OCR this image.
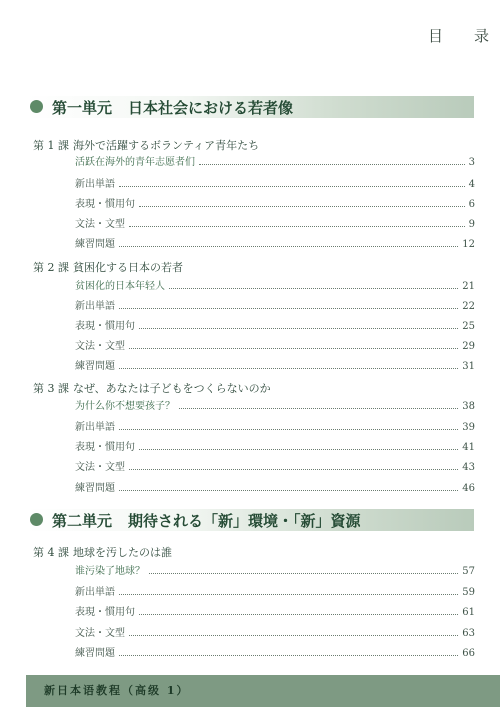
目　录
第一単元 日本社会における若者像
第 1 課 海外で活躍するボランティア青年たち
活跃在海外的青年志愿者们	3
新出単語	4
表現・慣用句	6
文法・文型	9
練習問題	12
第 2 課 貧困化する日本の若者
贫困化的日本年轻人	21
新出単語	22
表現・慣用句	25
文法・文型	29
練習問題	31
第 3 課 なぜ、あなたは子どもをつくらないのか
为什么你不想要孩子？	38
新出単語	39
表現・慣用句	41
文法・文型	43
練習問題	46
第二単元 期待される「新」環境・「新」資源
第 4 課 地球を汚したのは誰
谁污染了地球？	57
新出単語	59
表現・慣用句	61
文法・文型	63
練習問題	66
新日本语教程（高级 1）
